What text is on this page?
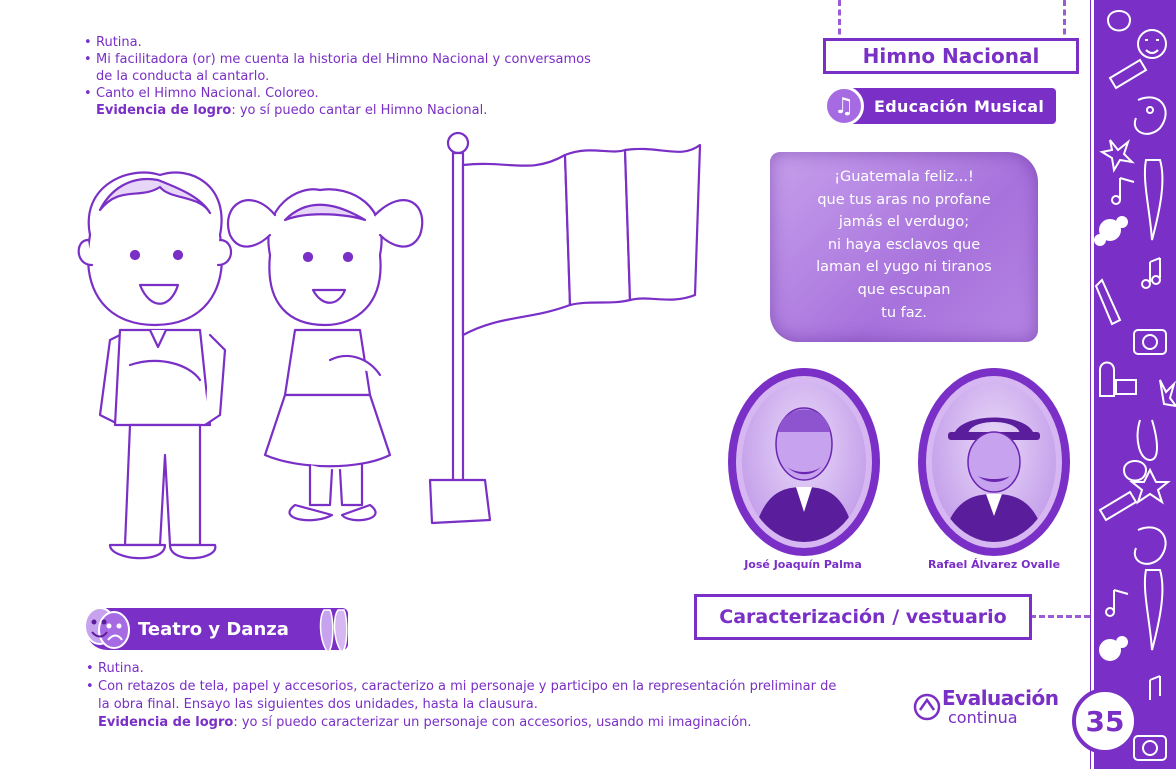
• Rutina.
• Mi facilitadora (or) me cuenta la historia del Himno Nacional y conversamos
de la conducta al cantarlo.
• Canto el Himno Nacional. Coloreo.
Evidencia de logro: yo sí puedo cantar el Himno Nacional.
Himno Nacional
♫	Educación Musical
¡Guatemala feliz...!
que tus aras no profane
jamás el verdugo;
ni haya esclavos que
laman el yugo ni tiranos
que escupan
tu faz.
José Joaquín Palma	Rafael Álvarez Ovalle
Caracterización / vestuario
Teatro y Danza
• Rutina.
• Con retazos de tela, papel y accesorios, caracterizo a mi personaje y participo en la representación preliminar de
la obra final. Ensayo las siguientes dos unidades, hasta la clausura.
Evidencia de logro: yo sí puedo caracterizar un personaje con accesorios, usando mi imaginación.
Evaluación
continua 35
